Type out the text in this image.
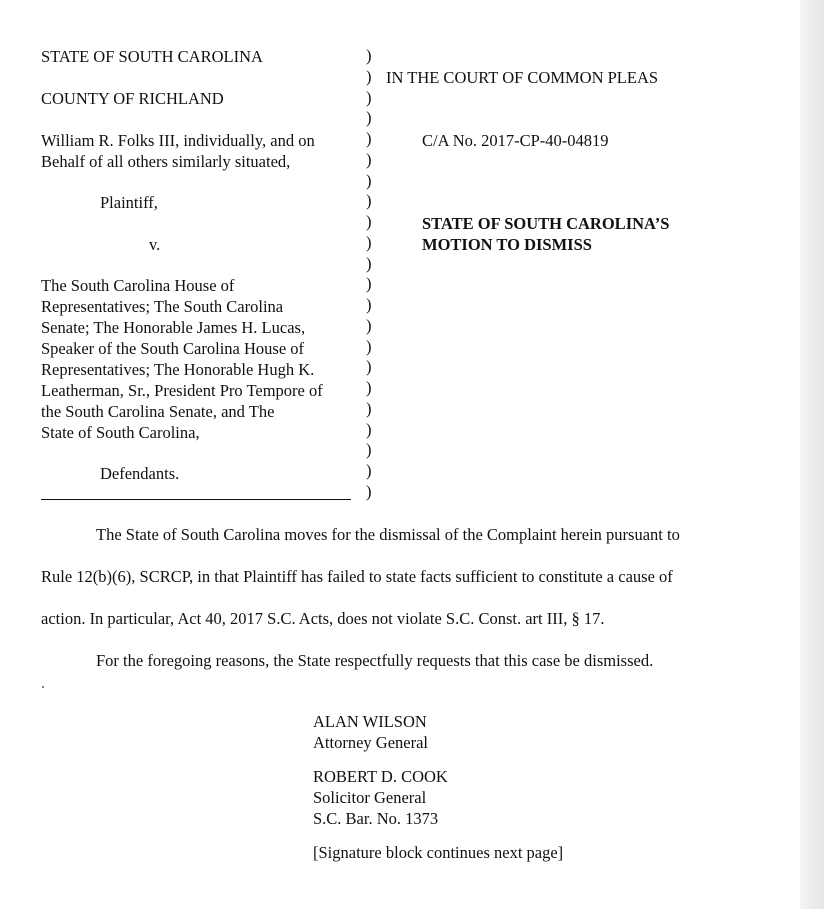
STATE OF SOUTH CAROLINA

COUNTY OF RICHLAND

William R. Folks III, individually, and on

Behalf of all others similarly situated,

Plaintiff,

v.

The South Carolina House of

Representatives; The South Carolina

Senate; The Honorable James H. Lucas,

Speaker of the South Carolina House of

Representatives; The Honorable Hugh K.

Leatherman, Sr., President Pro Tempore of

the South Carolina Senate, and The

State of South Carolina,

Defendants.

)
)
)
)
)
)
)
)
)
)
)
)
)
)
)
)
)
)
)
)
)
)

IN THE COURT OF COMMON PLEAS

C/A No. 2017-CP-40-04819

STATE OF SOUTH CAROLINA’S

MOTION TO DISMISS

The State of South Carolina moves for the dismissal of the Complaint herein pursuant to
Rule 12(b)(6), SCRCP, in that Plaintiff has failed to state facts sufficient to constitute a cause of
action. In particular, Act 40, 2017 S.C. Acts, does not violate S.C. Const. art III, § 17.
For the foregoing reasons, the State respectfully requests that this case be dismissed.
ALAN WILSON
Attorney General
ROBERT D. COOK
Solicitor General
S.C. Bar. No. 1373
[Signature block continues next page]
